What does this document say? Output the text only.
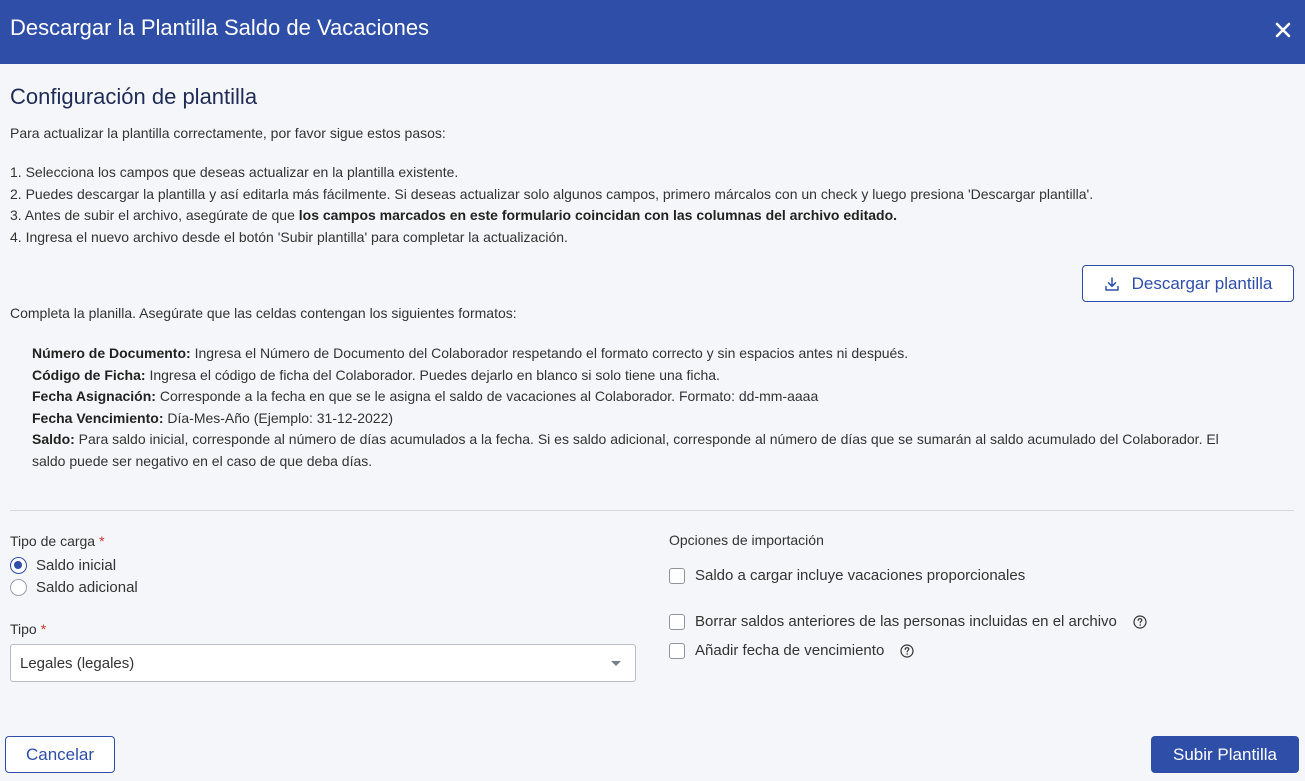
Descargar la Plantilla Saldo de Vacaciones
Configuración de plantilla
Para actualizar la plantilla correctamente, por favor sigue estos pasos:
1. Selecciona los campos que deseas actualizar en la plantilla existente.
2. Puedes descargar la plantilla y así editarla más fácilmente. Si deseas actualizar solo algunos campos, primero márcalos con un check y luego presiona 'Descargar plantilla'.
3. Antes de subir el archivo, asegúrate de que los campos marcados en este formulario coincidan con las columnas del archivo editado.
4. Ingresa el nuevo archivo desde el botón 'Subir plantilla' para completar la actualización.
Descargar plantilla
Completa la planilla. Asegúrate que las celdas contengan los siguientes formatos:

Número de Documento: Ingresa el Número de Documento del Colaborador respetando el formato correcto y sin espacios antes ni después.

Código de Ficha: Ingresa el código de ficha del Colaborador. Puedes dejarlo en blanco si solo tiene una ficha.

Fecha Asignación: Corresponde a la fecha en que se le asigna el saldo de vacaciones al Colaborador. Formato: dd-mm-aaaa

Fecha Vencimiento: Día-Mes-Año (Ejemplo: 31-12-2022)

Saldo: Para saldo inicial, corresponde al número de días acumulados a la fecha. Si es saldo adicional, corresponde al número de días que se sumarán al saldo acumulado del Colaborador. El saldo puede ser negativo en el caso de que deba días.

Tipo de carga *
Saldo inicial
Saldo adicional
Tipo *
Legales (legales)
Opciones de importación
Saldo a cargar incluye vacaciones proporcionales
Borrar saldos anteriores de las personas incluidas en el archivo
Añadir fecha de vencimiento
Cancelar	Subir Plantilla
